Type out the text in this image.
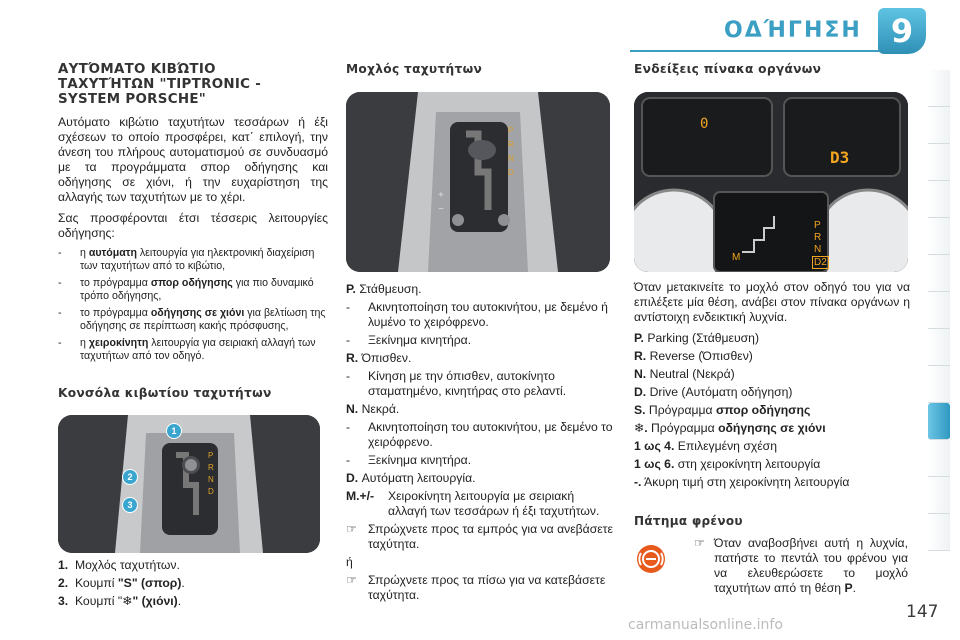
ΟΔΉΓΗΣΗ 9
ΑΥΤΌΜΑΤΟ ΚΙΒΏΤΙΟ ΤΑΧΥΤΉΤΩΝ "TIPTRONIC - SYSTEM PORSCHE"

Αυτόματο κιβώτιο ταχυτήτων τεσσάρων ή έξι σχέσεων το οποίο προσφέρει, κατ΄ επιλογή, την άνεση του πλήρους αυτοματισμού σε συνδυασμό με τα προγράμματα σπορ οδήγησης και οδήγησης σε χιόνι, ή την ευχαρίστηση της αλλαγής των ταχυτήτων με το χέρι.

Σας προσφέρονται έτσι τέσσερις λειτουργίες οδήγησης:

-	η αυτόματη λειτουργία για ηλεκτρονική διαχείριση των ταχυτήτων από το κιβώτιο,
-	το πρόγραμμα σπορ οδήγησης για πιο δυναμικό τρόπο οδήγησης,
-	το πρόγραμμα οδήγησης σε χιόνι για βελτίωση της οδήγησης σε περίπτωση κακής πρόσφυσης,
-	η χειροκίνητη λειτουργία για σειριακή αλλαγή των ταχυτήτων από τον οδηγό.
Κονσόλα κιβωτίου ταχυτήτων
1
2
3
P
R
N
D
1. Μοχλός ταχυτήτων.
2. Κουμπί "S" (σπορ).
3. Κουμπί "❄" (χιόνι).
Μοχλός ταχυτήτων
P
R
N
D
+
−
P. Στάθμευση.
-	Ακινητοποίηση του αυτοκινήτου, με δεμένο ή λυμένο το χειρόφρενο.
-	Ξεκίνημα κινητήρα.
R. Όπισθεν.
-	Κίνηση με την όπισθεν, αυτοκίνητο σταματημένο, κινητήρας στο ρελαντί.
N. Νεκρά.
-	Ακινητοποίηση του αυτοκινήτου, με δεμένο το χειρόφρενο.
-	Ξεκίνημα κινητήρα.
D. Αυτόματη λειτουργία.
M.+/-	Χειροκίνητη λειτουργία με σειριακή αλλαγή των τεσσάρων ή έξι ταχυτήτων.
☞ Σπρώχνετε προς τα εμπρός για να ανεβάσετε ταχύτητα.
ή
☞ Σπρώχνετε προς τα πίσω για να κατεβάσετε ταχύτητα.
Ενδείξεις πίνακα οργάνων
0
D3
P
R
N
D2
M

Όταν μετακινείτε το μοχλό στον οδηγό του για να επιλέξετε μία θέση, ανάβει στον πίνακα οργάνων η αντίστοιχη ενδεικτική λυχνία.

P. Parking (Στάθμευση)
R. Reverse (Όπισθεν)
N. Neutral (Νεκρά)
D. Drive (Αυτόματη οδήγηση)
S. Πρόγραμμα σπορ οδήγησης
❄. Πρόγραμμα οδήγησης σε χιόνι
1 ως 4. Επιλεγμένη σχέση
1 ως 6. στη χειροκίνητη λειτουργία
-. Άκυρη τιμή στη χειροκίνητη λειτουργία
Πάτημα φρένου
☞ Όταν αναβοσβήνει αυτή η λυχνία, πατήστε το πεντάλ του φρένου για να ελευθερώσετε το μοχλό ταχυτήτων από τη θέση P.
147
carmanualsonline.info
